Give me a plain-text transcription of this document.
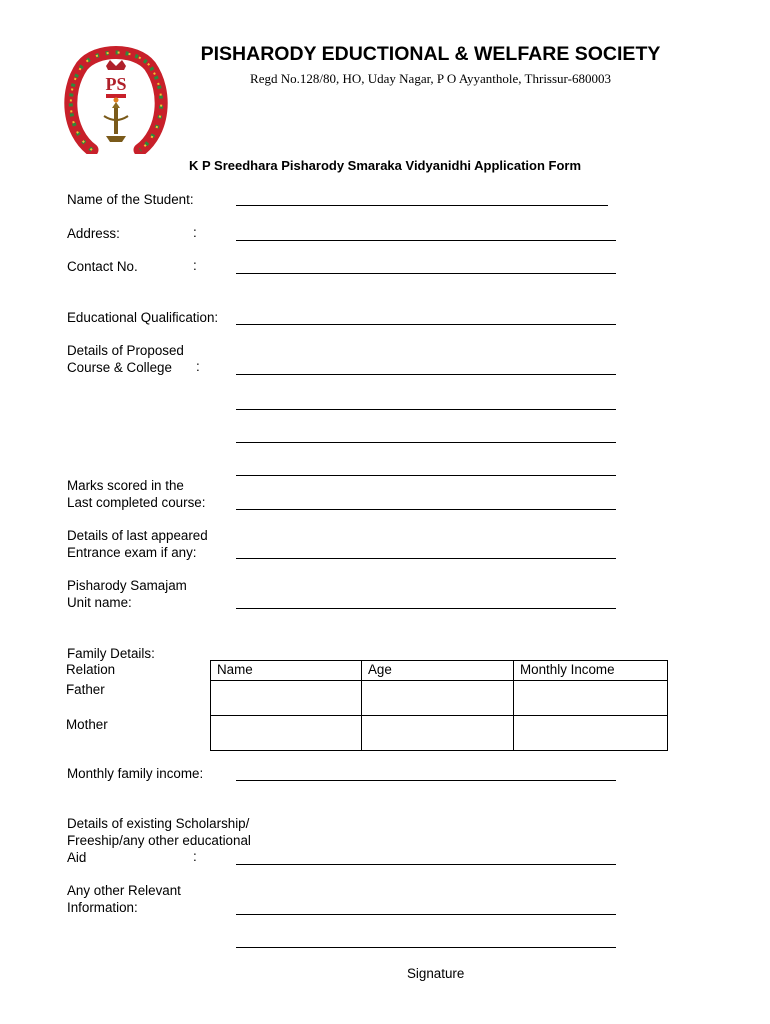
PS
PISHARODY EDUCTIONAL & WELFARE SOCIETY
Regd No.128/80, HO, Uday Nagar, P O Ayyanthole, Thrissur-680003
K P Sreedhara Pisharody Smaraka Vidyanidhi Application Form
Name of the Student:
Address:	:
Contact No.	:
Educational Qualification:
Details of Proposed
Course & College :
Marks scored in the
Last completed course:
Details of last appeared
Entrance exam if any:
Pisharody Samajam
Unit name:
Family Details:
Relation	Name	Age	Monthly Income
Father			
Mother			
Monthly family income:
Details of existing Scholarship/
Freeship/any other educational
Aid	:
Any other Relevant
Information:
Signature
